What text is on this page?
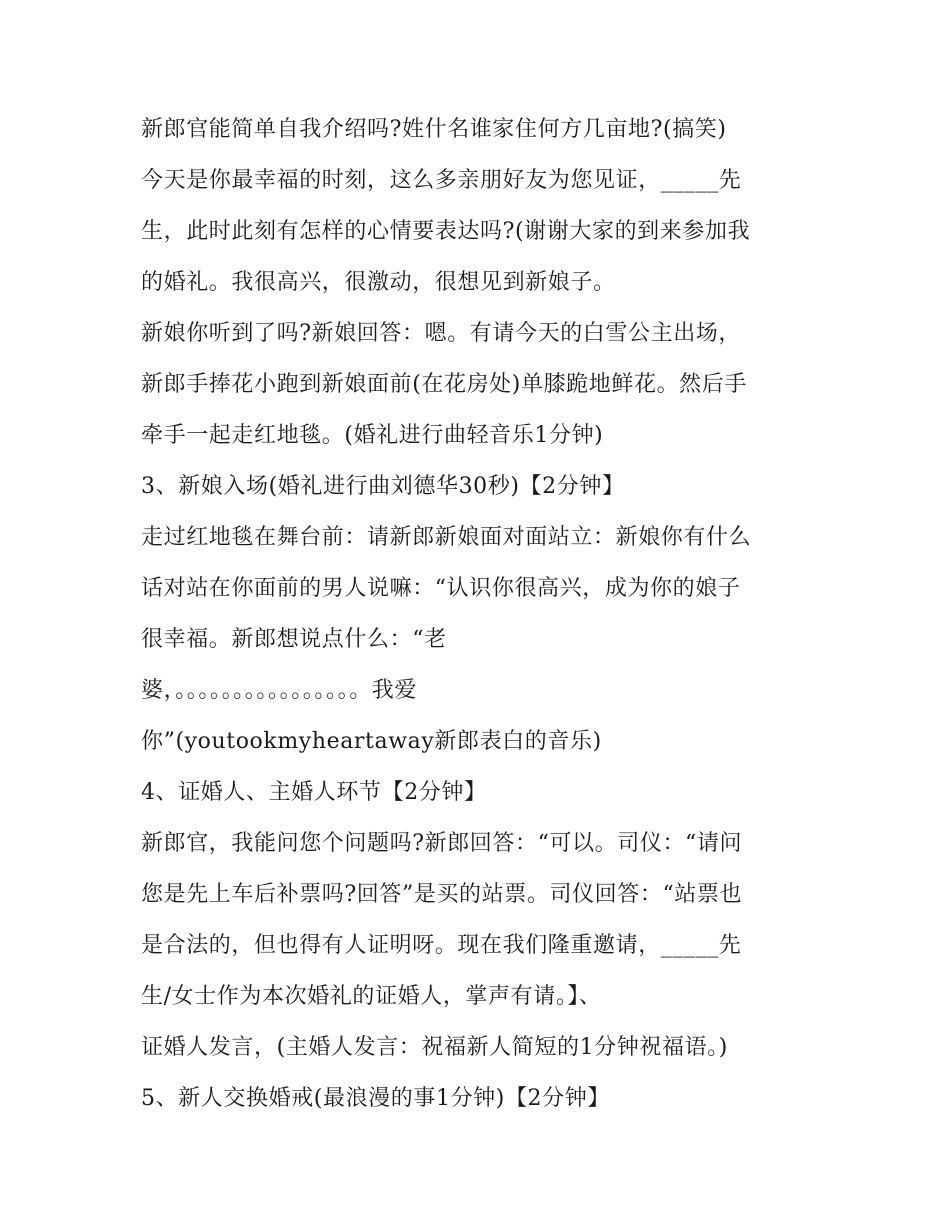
新郎官能简单自我介绍吗?姓什名谁家住何方几亩地?(搞笑)
今天是你最幸福的时刻，这么多亲朋好友为您见证，_____先
生，此时此刻有怎样的心情要表达吗?(谢谢大家的到来参加我
的婚礼。我很高兴，很激动，很想见到新娘子。
新娘你听到了吗?新娘回答：嗯。有请今天的白雪公主出场，
新郎手捧花小跑到新娘面前(在花房处)单膝跪地鲜花。然后手
牵手一起走红地毯。(婚礼进行曲轻音乐1分钟)
3、新娘入场(婚礼进行曲刘德华30秒)【2分钟】
走过红地毯在舞台前：请新郎新娘面对面站立：新娘你有什么
话对站在你面前的男人说嘛：“认识你很高兴，成为你的娘子
很幸福。新郎想说点什么：“老
婆，。。。。。。。。。。。。。。。。我爱
你”(youtookmyheartaway新郎表白的音乐)
4、证婚人、主婚人环节【2分钟】
新郎官，我能问您个问题吗?新郎回答：“可以。司仪：“请问
您是先上车后补票吗?回答”是买的站票。司仪回答：“站票也
是合法的，但也得有人证明呀。现在我们隆重邀请，_____先
生/女士作为本次婚礼的证婚人，掌声有请。】、
证婚人发言，(主婚人发言：祝福新人简短的1分钟祝福语。)
5、新人交换婚戒(最浪漫的事1分钟)【2分钟】
